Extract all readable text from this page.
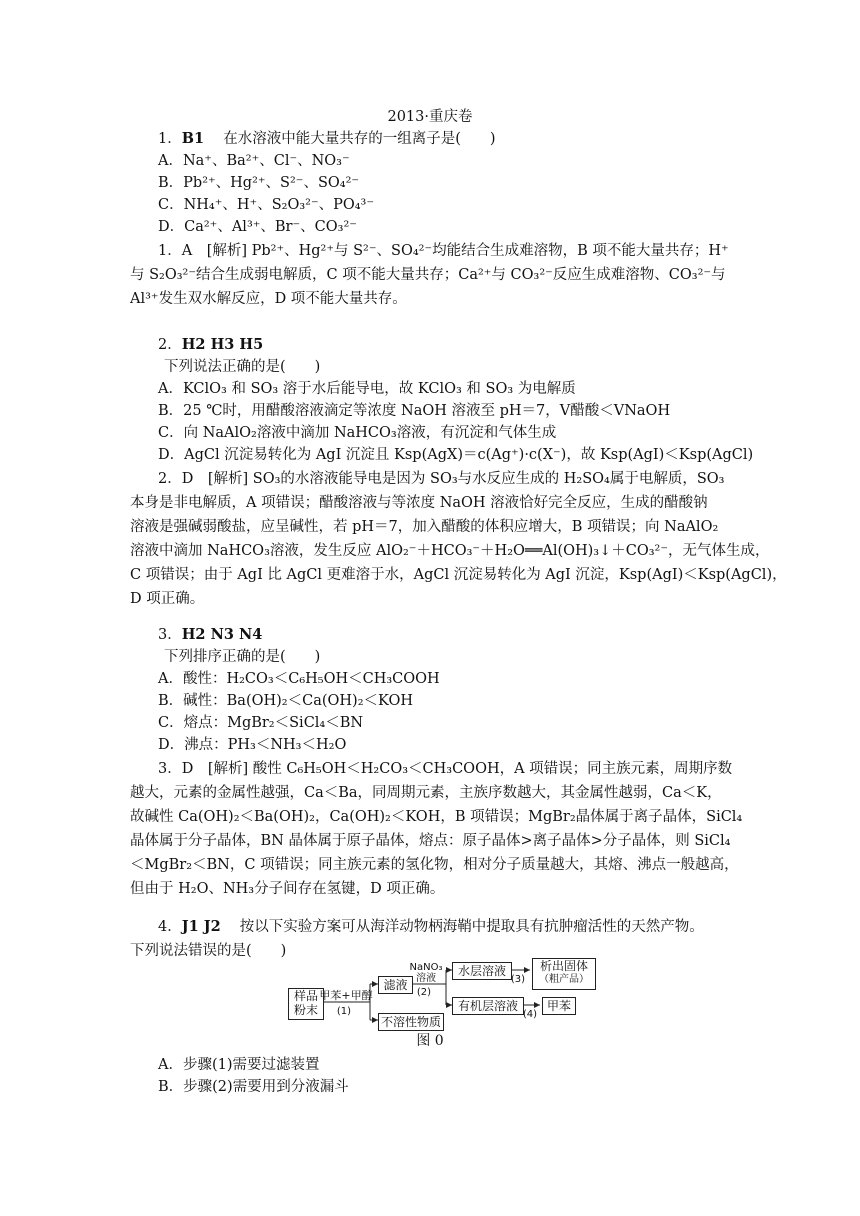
2013·重庆卷
1．B1　 在水溶液中能大量共存的一组离子是(　　)
A．Na⁺、Ba²⁺、Cl⁻、NO₃⁻
B．Pb²⁺、Hg²⁺、S²⁻、SO₄²⁻
C．NH₄⁺、H⁺、S₂O₃²⁻、PO₄³⁻
D．Ca²⁺、Al³⁺、Br⁻、CO₃²⁻
1．A　[解析] Pb²⁺、Hg²⁺与 S²⁻、SO₄²⁻均能结合生成难溶物，B 项不能大量共存；H⁺
与 S₂O₃²⁻结合生成弱电解质，C 项不能大量共存；Ca²⁺与 CO₃²⁻反应生成难溶物、CO₃²⁻与
Al³⁺发生双水解反应，D 项不能大量共存。
2．H2 H3 H5
下列说法正确的是(　　)
A．KClO₃ 和 SO₃ 溶于水后能导电，故 KClO₃ 和 SO₃ 为电解质
B．25 ℃时，用醋酸溶液滴定等浓度 NaOH 溶液至 pH＝7，V醋酸＜VNaOH
C．向 NaAlO₂溶液中滴加 NaHCO₃溶液，有沉淀和气体生成
D．AgCl 沉淀易转化为 AgI 沉淀且 Ksp(AgX)＝c(Ag⁺)·c(X⁻)，故 Ksp(AgI)＜Ksp(AgCl)
2．D　[解析] SO₃的水溶液能导电是因为 SO₃与水反应生成的 H₂SO₄属于电解质，SO₃
本身是非电解质，A 项错误；醋酸溶液与等浓度 NaOH 溶液恰好完全反应，生成的醋酸钠
溶液是强碱弱酸盐，应呈碱性，若 pH＝7，加入醋酸的体积应增大，B 项错误；向 NaAlO₂
溶液中滴加 NaHCO₃溶液，发生反应 AlO₂⁻＋HCO₃⁻＋H₂O══Al(OH)₃↓＋CO₃²⁻，无气体生成，
C 项错误；由于 AgI 比 AgCl 更难溶于水，AgCl 沉淀易转化为 AgI 沉淀，Ksp(AgI)＜Ksp(AgCl)，
D 项正确。
3．H2 N3 N4
下列排序正确的是(　　)
A．酸性：H₂CO₃＜C₆H₅OH＜CH₃COOH
B．碱性：Ba(OH)₂＜Ca(OH)₂＜KOH
C．熔点：MgBr₂＜SiCl₄＜BN
D．沸点：PH₃＜NH₃＜H₂O
3．D　[解析] 酸性 C₆H₅OH＜H₂CO₃＜CH₃COOH，A 项错误；同主族元素，周期序数
越大，元素的金属性越强，Ca＜Ba，同周期元素，主族序数越大，其金属性越弱，Ca＜K，
故碱性 Ca(OH)₂＜Ba(OH)₂，Ca(OH)₂＜KOH，B 项错误；MgBr₂晶体属于离子晶体，SiCl₄
晶体属于分子晶体，BN 晶体属于原子晶体，熔点：原子晶体>离子晶体>分子晶体，则 SiCl₄
＜MgBr₂＜BN，C 项错误；同主族元素的氢化物，相对分子质量越大，其熔、沸点一般越高，
但由于 H₂O、NH₃分子间存在氢键，D 项正确。
4．J1 J2　 按以下实验方案可从海洋动物柄海鞘中提取具有抗肿瘤活性的天然产物。
下列说法错误的是(　　)
样品
粉末
甲苯+甲醇
(1)
滤液
不溶性物质
NaNO₃
溶液
(2)
水层溶液
(3)
析出固体
（粗产品）
有机层溶液
(4)
甲苯
图 0
A．步骤(1)需要过滤装置
B．步骤(2)需要用到分液漏斗
